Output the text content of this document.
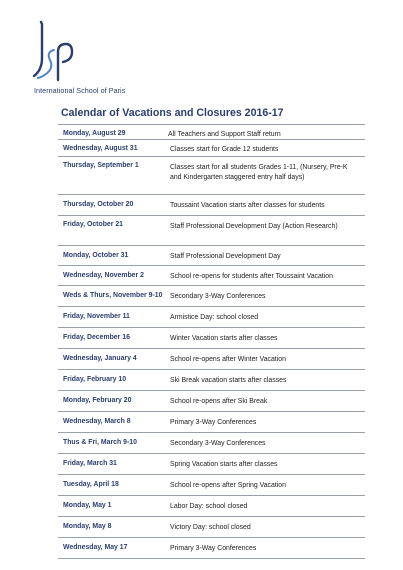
International School of Paris
Calendar of Vacations and Closures 2016-17
Monday, August 29	All Teachers and Support Staff return
Wednesday, August 31	Classes start for Grade 12 students
Thursday, September 1	Classes start for all students Grades 1-11, (Nursery, Pre-K and Kindergarten staggered entry half days)
Thursday, October 20	Toussaint Vacation starts after classes for students
Friday, October 21	Staff Professional Development Day (Action Research)
Monday, October 31	Staff Professional Development Day
Wednesday, November 2	School re-opens for students after Toussaint Vacation
Weds & Thurs, November 9-10	Secondary 3-Way Conferences
Friday, November 11	Armistice Day: school closed
Friday, December 16	Winter Vacation starts after classes
Wednesday, January 4	School re-opens after Winter Vacation
Friday, February 10	Ski Break vacation starts after classes
Monday, February 20	School re-opens after Ski Break
Wednesday, March 8	Primary 3-Way Conferences
Thus & Fri, March 9-10	Secondary 3-Way Conferences
Friday, March 31	Spring Vacation starts after classes
Tuesday, April 18	School re-opens after Spring Vacation
Monday, May 1	Labor Day: school closed
Monday, May 8	Victory Day: school closed
Wednesday, May 17	Primary 3-Way Conferences
